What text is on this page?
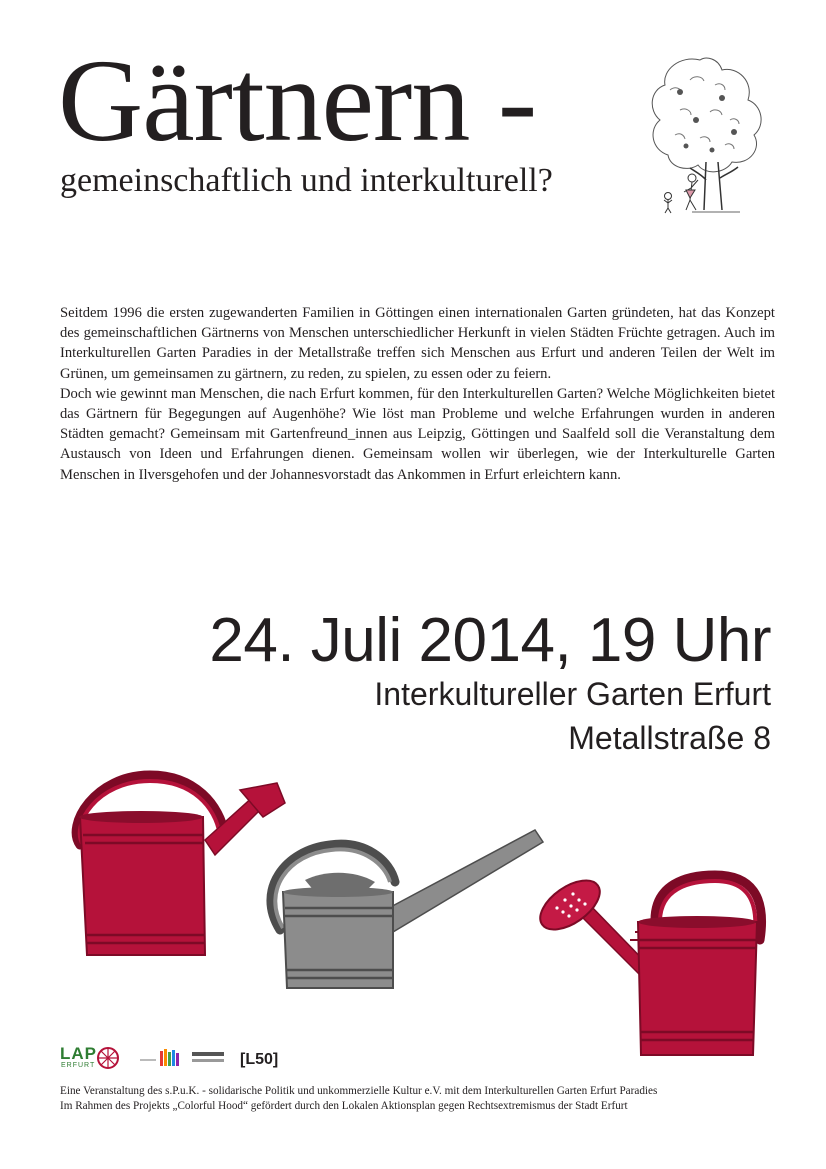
Gärtnern -
gemeinschaftlich und interkulturell?

Seitdem 1996 die ersten zugewanderten Familien in Göttingen einen internationalen Garten gründeten, hat das Konzept des gemeinschaftlichen Gärtnerns von Menschen unterschiedlicher Herkunft in vielen Städten Früchte getragen. Auch im Interkulturellen Garten Paradies in der Metallstraße treffen sich Menschen aus Erfurt und anderen Teilen der Welt im Grünen, um gemeinsamen zu gärtnern, zu reden, zu spielen, zu essen oder zu feiern.

Doch wie gewinnt man Menschen, die nach Erfurt kommen, für den Interkulturellen Garten? Welche Möglichkeiten bietet das Gärtnern für Begegungen auf Augenhöhe? Wie löst man Probleme und welche Erfahrungen wurden in anderen Städten gemacht? Gemeinsam mit Gartenfreund_innen aus Leipzig, Göttingen und Saalfeld soll die Veranstaltung dem Austausch von Ideen und Erfahrungen dienen. Gemeinsam wollen wir überlegen, wie der Interkulturelle Garten Menschen in Ilversgehofen und der Johannesvorstadt das Ankommen in Erfurt erleichtern kann.

24. Juli 2014, 19 Uhr
Interkultureller Garten Erfurt
Metallstraße 8
LAP
ERFURT	[L50]
Eine Veranstaltung des s.P.u.K. - solidarische Politik und unkommerzielle Kultur e.V. mit dem Interkulturellen Garten Erfurt Paradies
Im Rahmen des Projekts „Colorful Hood“ gefördert durch den Lokalen Aktionsplan gegen Rechtsextremismus der Stadt Erfurt
